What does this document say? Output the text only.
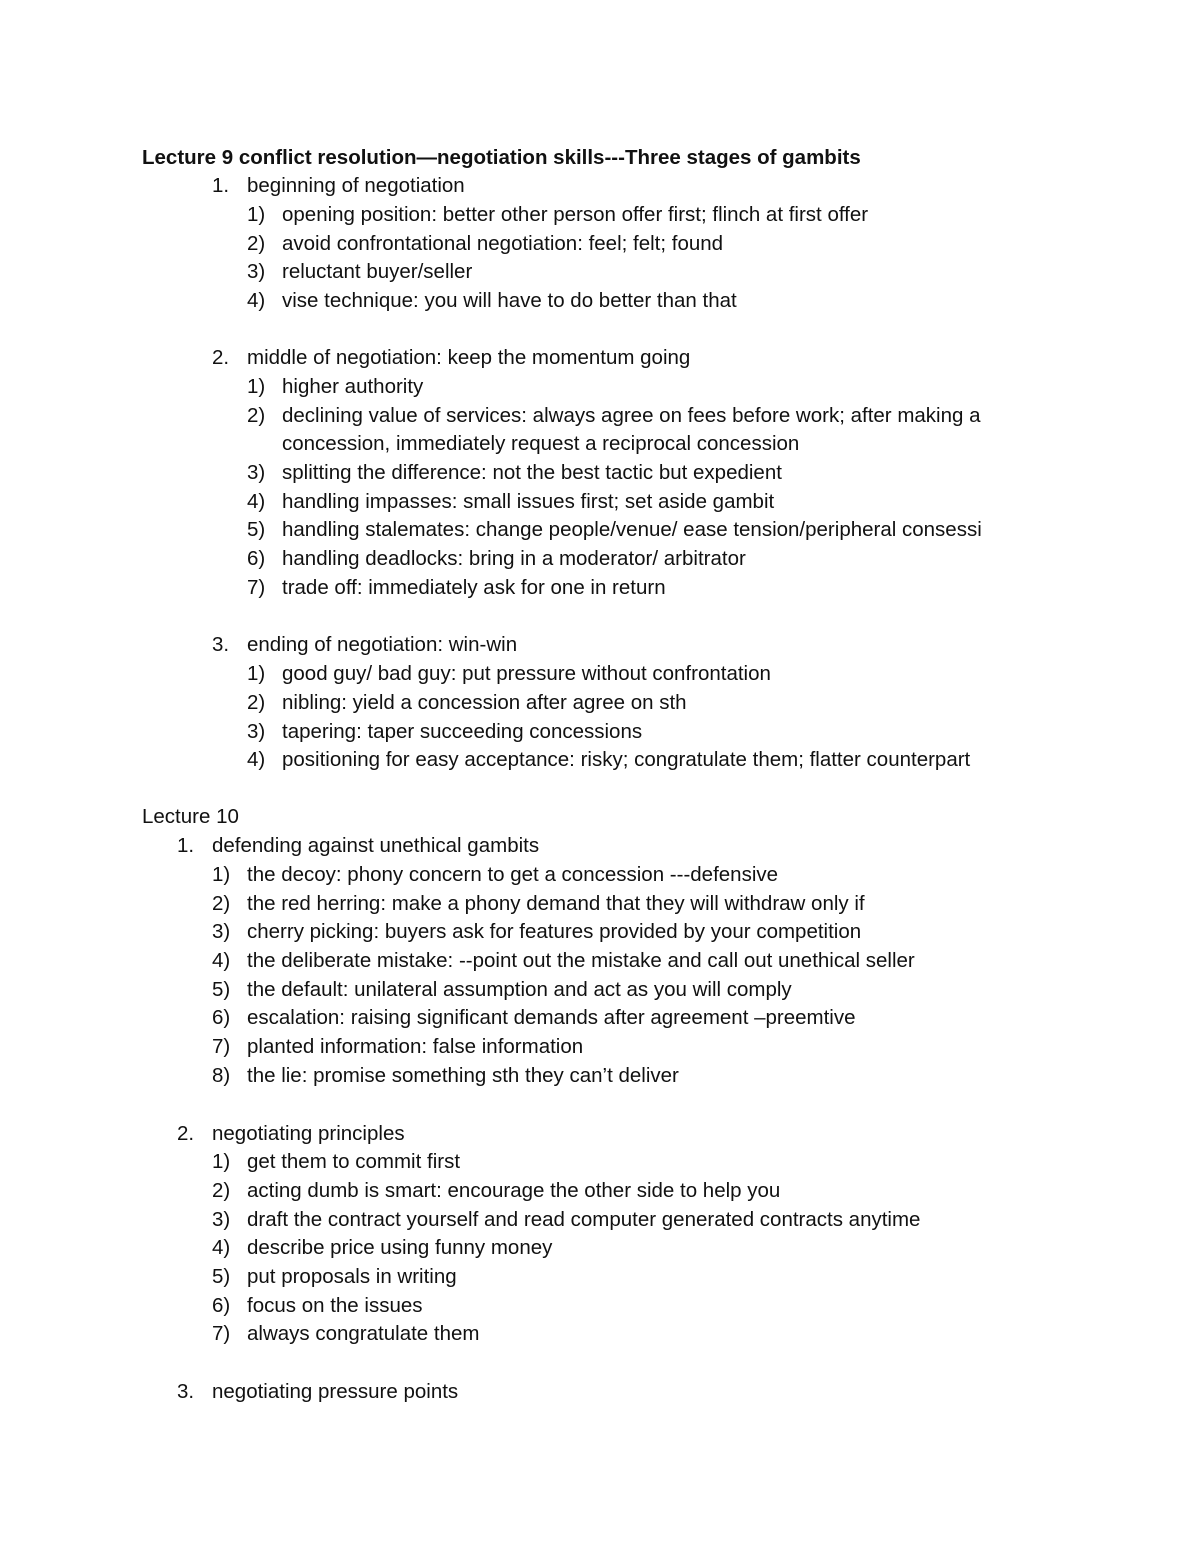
Lecture 9 conflict resolution—negotiation skills---Three stages of gambits
1. beginning of negotiation
1) opening position: better other person offer first; flinch at first offer
2) avoid confrontational negotiation: feel; felt; found
3) reluctant buyer/seller
4) vise technique: you will have to do better than that
2. middle of negotiation: keep the momentum going
1) higher authority
2) declining value of services: always agree on fees before work; after making a
concession, immediately request a reciprocal concession
3) splitting the difference: not the best tactic but expedient
4) handling impasses: small issues first; set aside gambit
5) handling stalemates: change people/venue/ ease tension/peripheral consessi
6) handling deadlocks: bring in a moderator/ arbitrator
7) trade off: immediately ask for one in return
3. ending of negotiation: win-win
1) good guy/ bad guy: put pressure without confrontation
2) nibling: yield a concession after agree on sth
3) tapering: taper succeeding concessions
4) positioning for easy acceptance: risky; congratulate them; flatter counterpart
Lecture 10
1. defending against unethical gambits
1) the decoy: phony concern to get a concession ---defensive
2) the red herring: make a phony demand that they will withdraw only if
3) cherry picking: buyers ask for features provided by your competition
4) the deliberate mistake: --point out the mistake and call out unethical seller
5) the default: unilateral assumption and act as you will comply
6) escalation: raising significant demands after agreement –preemtive
7) planted information: false information
8) the lie: promise something sth they can’t deliver
2. negotiating principles
1) get them to commit first
2) acting dumb is smart: encourage the other side to help you
3) draft the contract yourself and read computer generated contracts anytime
4) describe price using funny money
5) put proposals in writing
6) focus on the issues
7) always congratulate them
3. negotiating pressure points
